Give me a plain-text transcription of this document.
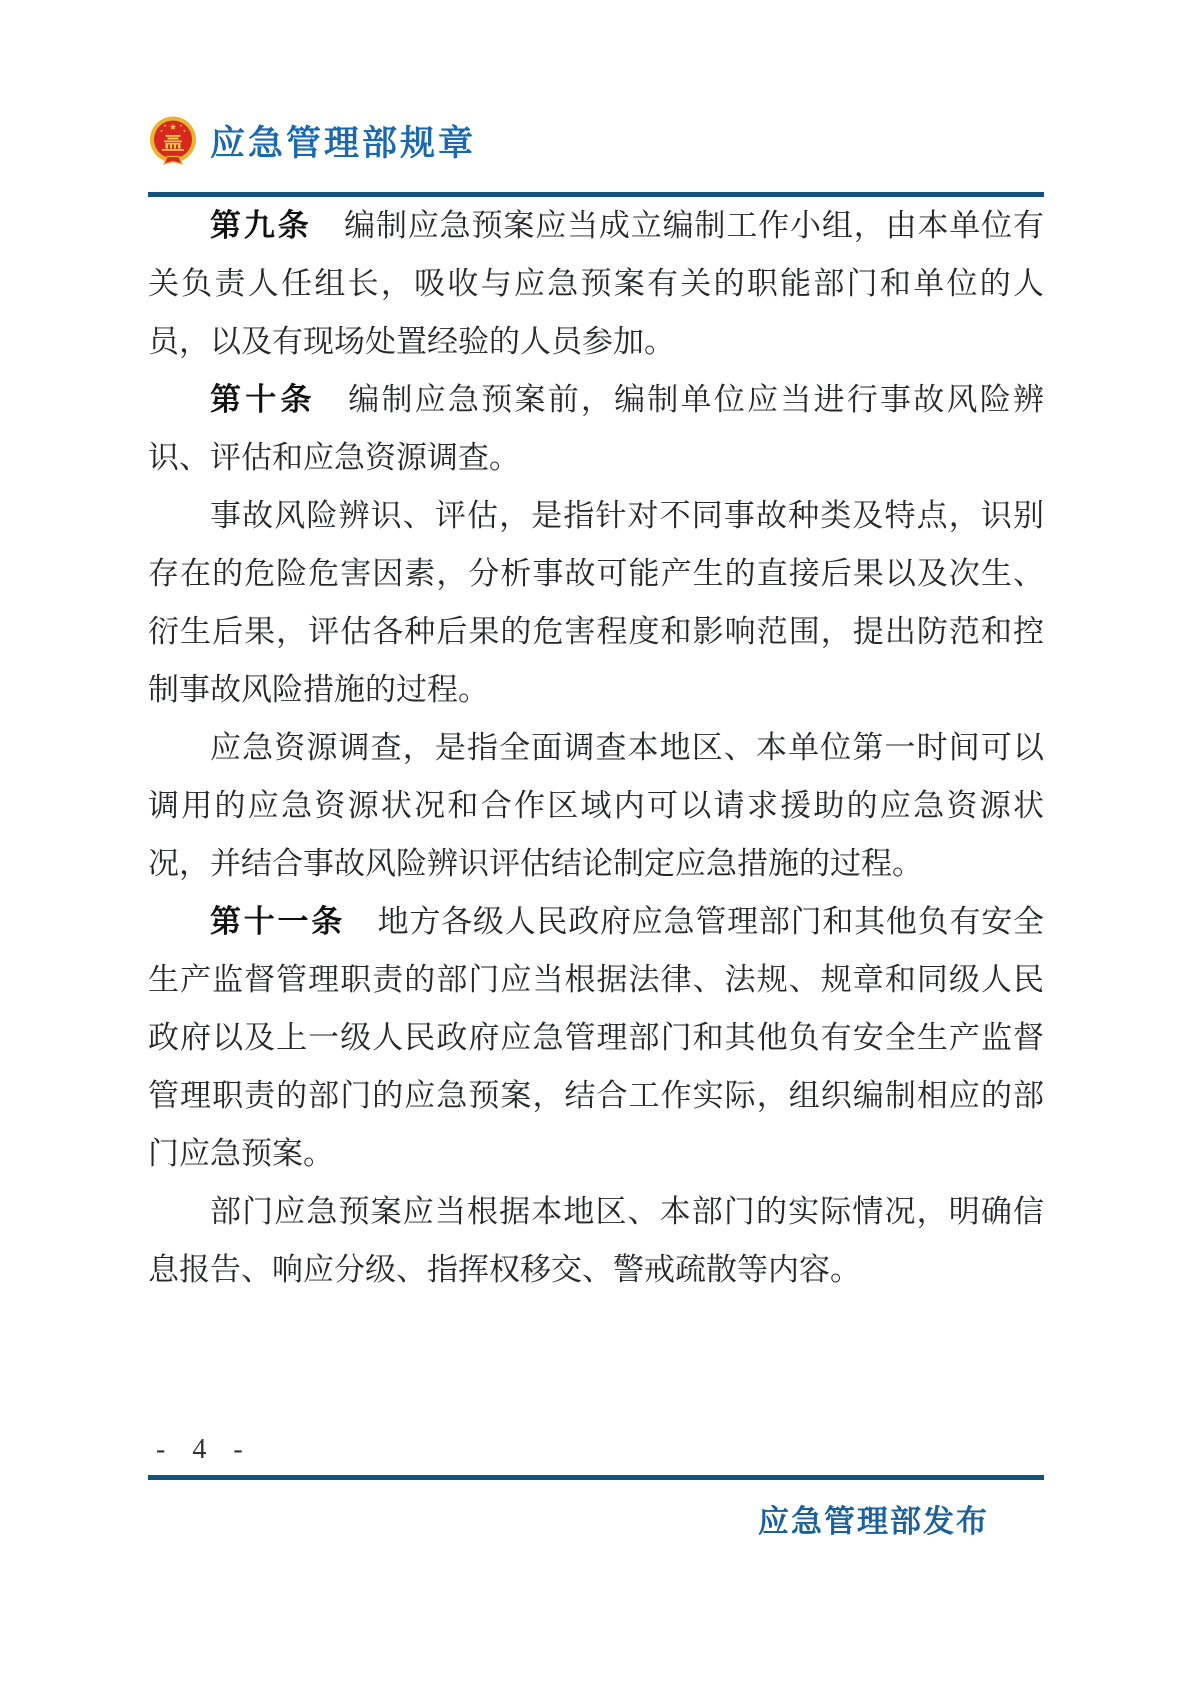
应急管理部规章

第九条 编制应急预案应当成立编制工作小组，由本单位有关负责人任组长，吸收与应急预案有关的职能部门和单位的人员，以及有现场处置经验的人员参加。

第十条 编制应急预案前，编制单位应当进行事故风险辨识、评估和应急资源调查。

事故风险辨识、评估，是指针对不同事故种类及特点，识别存在的危险危害因素，分析事故可能产生的直接后果以及次生、衍生后果，评估各种后果的危害程度和影响范围，提出防范和控制事故风险措施的过程。

应急资源调查，是指全面调查本地区、本单位第一时间可以调用的应急资源状况和合作区域内可以请求援助的应急资源状况，并结合事故风险辨识评估结论制定应急措施的过程。

第十一条 地方各级人民政府应急管理部门和其他负有安全生产监督管理职责的部门应当根据法律、法规、规章和同级人民政府以及上一级人民政府应急管理部门和其他负有安全生产监督管理职责的部门的应急预案，结合工作实际，组织编制相应的部门应急预案。

部门应急预案应当根据本地区、本部门的实际情况，明确信息报告、响应分级、指挥权移交、警戒疏散等内容。

- 4 -
应急管理部发布
